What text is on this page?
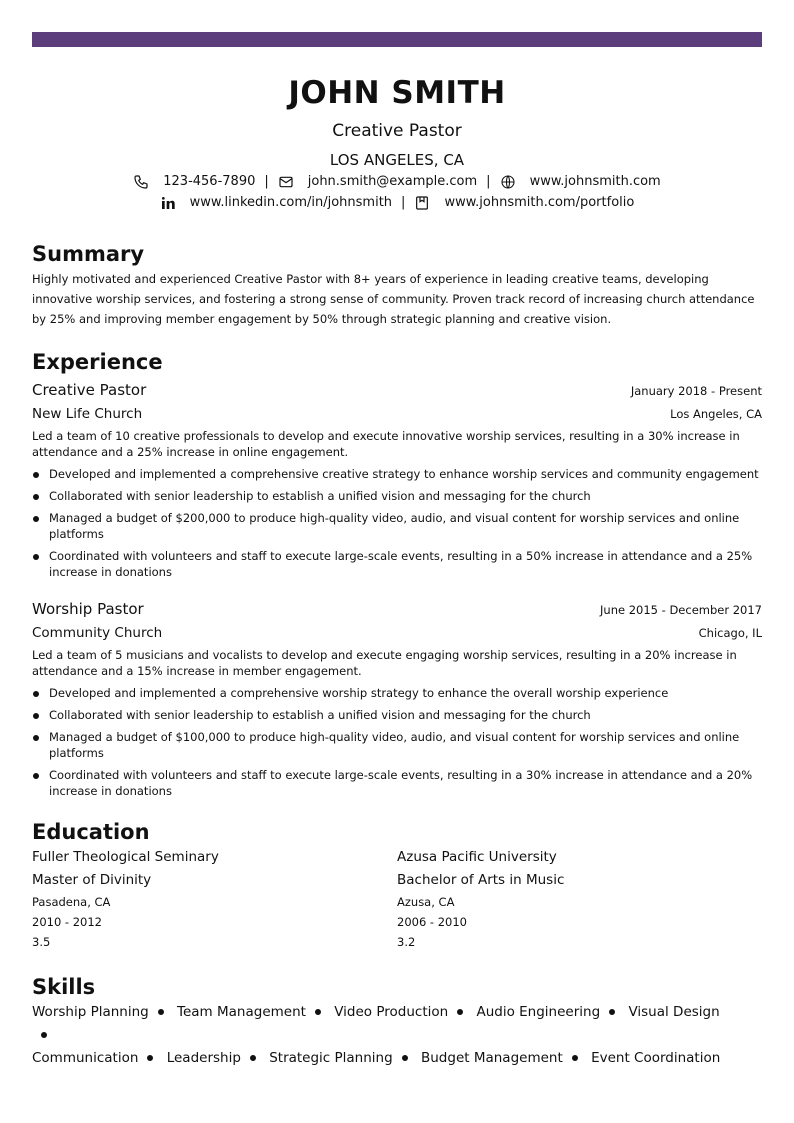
JOHN SMITH
Creative Pastor
LOS ANGELES, CA
123-456-7890 |	john.smith@example.com |	www.johnsmith.com
www.linkedin.com/in/johnsmith |	www.johnsmith.com/portfolio
Summary
Highly motivated and experienced Creative Pastor with 8+ years of experience in leading creative teams, developing innovative worship services, and fostering a strong sense of community. Proven track record of increasing church attendance by 25% and improving member engagement by 50% through strategic planning and creative vision.
Experience
Creative Pastor	January 2018 - Present
New Life Church	Los Angeles, CA
Led a team of 10 creative professionals to develop and execute innovative worship services, resulting in a 30% increase in attendance and a 25% increase in online engagement.
Developed and implemented a comprehensive creative strategy to enhance worship services and community engagement
Collaborated with senior leadership to establish a unified vision and messaging for the church
Managed a budget of $200,000 to produce high-quality video, audio, and visual content for worship services and online platforms
Coordinated with volunteers and staff to execute large-scale events, resulting in a 50% increase in attendance and a 25% increase in donations
Worship Pastor	June 2015 - December 2017
Community Church	Chicago, IL
Led a team of 5 musicians and vocalists to develop and execute engaging worship services, resulting in a 20% increase in attendance and a 15% increase in member engagement.
Developed and implemented a comprehensive worship strategy to enhance the overall worship experience
Collaborated with senior leadership to establish a unified vision and messaging for the church
Managed a budget of $100,000 to produce high-quality video, audio, and visual content for worship services and online platforms
Coordinated with volunteers and staff to execute large-scale events, resulting in a 30% increase in attendance and a 20% increase in donations
Education
Fuller Theological Seminary
Master of Divinity
Pasadena, CA
2010 - 2012
3.5
Azusa Pacific University
Bachelor of Arts in Music
Azusa, CA
2006 - 2010
3.2
Skills
Worship Planning Team Management Video Production Audio Engineering Visual Design
Communication Leadership Strategic Planning Budget Management Event Coordination
